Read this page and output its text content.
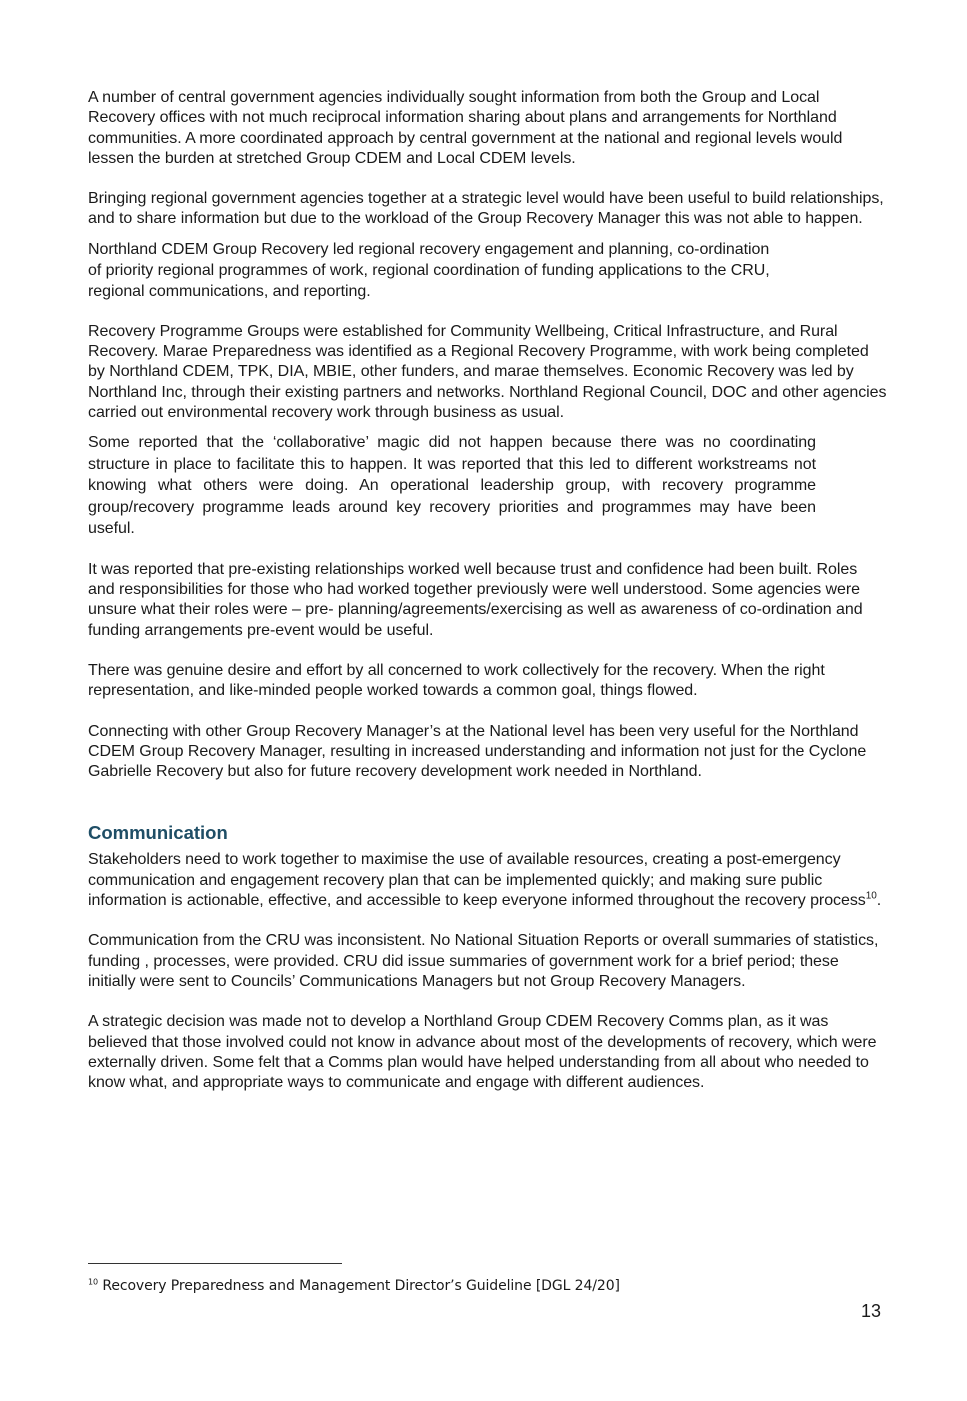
A number of central government agencies individually sought information from both the Group and Local Recovery offices with not much reciprocal information sharing about plans and arrangements for Northland communities. A more coordinated approach by central government at the national and regional levels would lessen the burden at stretched Group CDEM and Local CDEM levels.

Bringing regional government agencies together at a strategic level would have been useful to build relationships, and to share information but due to the workload of the Group Recovery Manager this was not able to happen.

Northland CDEM Group Recovery led regional recovery engagement and planning, co-ordination of priority regional programmes of work, regional coordination of funding applications to the CRU, regional communications, and reporting.

Recovery Programme Groups were established for Community Wellbeing, Critical Infrastructure, and Rural Recovery. Marae Preparedness was identified as a Regional Recovery Programme, with work being completed by Northland CDEM, TPK, DIA, MBIE, other funders, and marae themselves. Economic Recovery was led by Northland Inc, through their existing partners and networks. Northland Regional Council, DOC and other agencies carried out environmental recovery work through business as usual.

Some reported that the ‘collaborative’ magic did not happen because there was no coordinating structure in place to facilitate this to happen. It was reported that this led to different workstreams not knowing what others were doing. An operational leadership group, with recovery programme group/recovery programme leads around key recovery priorities and programmes may have been useful.

It was reported that pre-existing relationships worked well because trust and confidence had been built. Roles and responsibilities for those who had worked together previously were well understood. Some agencies were unsure what their roles were – pre- planning/agreements/exercising as well as awareness of co-ordination and funding arrangements pre-event would be useful.

There was genuine desire and effort by all concerned to work collectively for the recovery. When the right representation, and like-minded people worked towards a common goal, things flowed.

Connecting with other Group Recovery Manager’s at the National level has been very useful for the Northland CDEM Group Recovery Manager, resulting in increased understanding and information not just for the Cyclone Gabrielle Recovery but also for future recovery development work needed in Northland.

Communication

Stakeholders need to work together to maximise the use of available resources, creating a post-emergency communication and engagement recovery plan that can be implemented quickly; and making sure public information is actionable, effective, and accessible to keep everyone informed throughout the recovery process$^{10}$.

Communication from the CRU was inconsistent. No National Situation Reports or overall summaries of statistics, funding , processes, were provided. CRU did issue summaries of government work for a brief period; these initially were sent to Councils’ Communications Managers but not Group Recovery Managers.

A strategic decision was made not to develop a Northland Group CDEM Recovery Comms plan, as it was believed that those involved could not know in advance about most of the developments of recovery, which were externally driven. Some felt that a Comms plan would have helped understanding from all about who needed to know what, and appropriate ways to communicate and engage with different audiences.

$^{10}$ Recovery Preparedness and Management Director’s Guideline [DGL 24/20]
13
